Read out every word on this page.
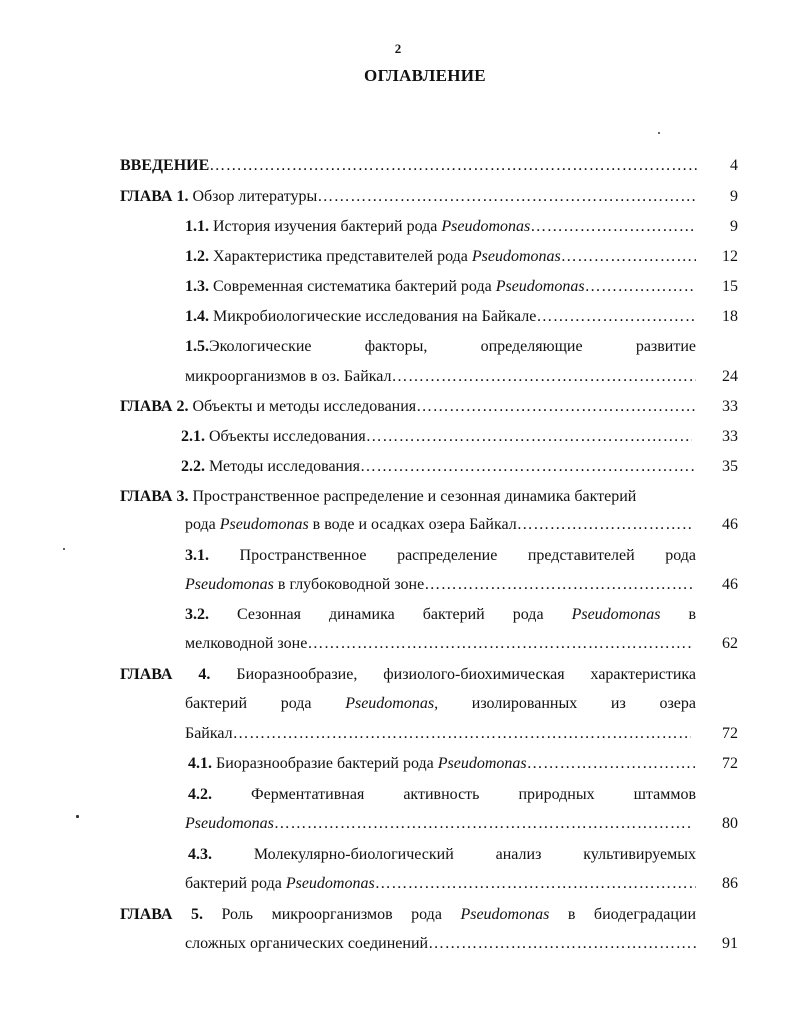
2
ОГЛАВЛЕНИЕ
ВВЕДЕНИЕ ……………………………………………………………………………………………………………………………………………	4
ГЛАВА 1. Обзор литературы ……………………………………………………………………………………………………………………………………………	9
1.1. История изучения бактерий рода Pseudomonas ……………………………………………………………………………………………………………………………………………	9
1.2. Характеристика представителей рода Pseudomonas ……………………………………………………………………………………………………………………………………………	12
1.3. Современная систематика бактерий рода Pseudomonas ……………………………………………………………………………………………………………………………………………	15
1.4. Микробиологические исследования на Байкале ……………………………………………………………………………………………………………………………………………	18
1.5.Экологические	факторы,	определяющие	развитие
микроорганизмов в оз. Байкал ……………………………………………………………………………………………………………………………………………	24
ГЛАВА 2. Объекты и методы исследования ……………………………………………………………………………………………………………………………………………	33
2.1. Объекты исследования ……………………………………………………………………………………………………………………………………………	33
2.2. Методы исследования ……………………………………………………………………………………………………………………………………………	35
ГЛАВА 3. Пространственное распределение и сезонная динамика бактерий
рода Pseudomonas в воде и осадках озера Байкал ……………………………………………………………………………………………………………………………………………	46
3.1. Пространственное распределение представителей рода
Pseudomonas в глубоководной зоне ……………………………………………………………………………………………………………………………………………	46
3.2. Сезонная динамика бактерий рода Pseudomonas в
мелководной зоне ……………………………………………………………………………………………………………………………………………	62
ГЛАВА 4. Биоразнообразие, физиолого-биохимическая характеристика
бактерий рода Pseudomonas, изолированных из озера
Байкал ……………………………………………………………………………………………………………………………………………	72
4.1. Биоразнообразие бактерий рода Pseudomonas ……………………………………………………………………………………………………………………………………………	72
4.2. Ферментативная активность природных штаммов
Pseudomonas ……………………………………………………………………………………………………………………………………………	80
4.3.	Молекулярно-биологический	анализ	культивируемых
бактерий рода Pseudomonas ……………………………………………………………………………………………………………………………………………	86
ГЛАВА 5. Роль микроорганизмов рода Pseudomonas в биодеградации
сложных органических соединений ……………………………………………………………………………………………………………………………………………	91
